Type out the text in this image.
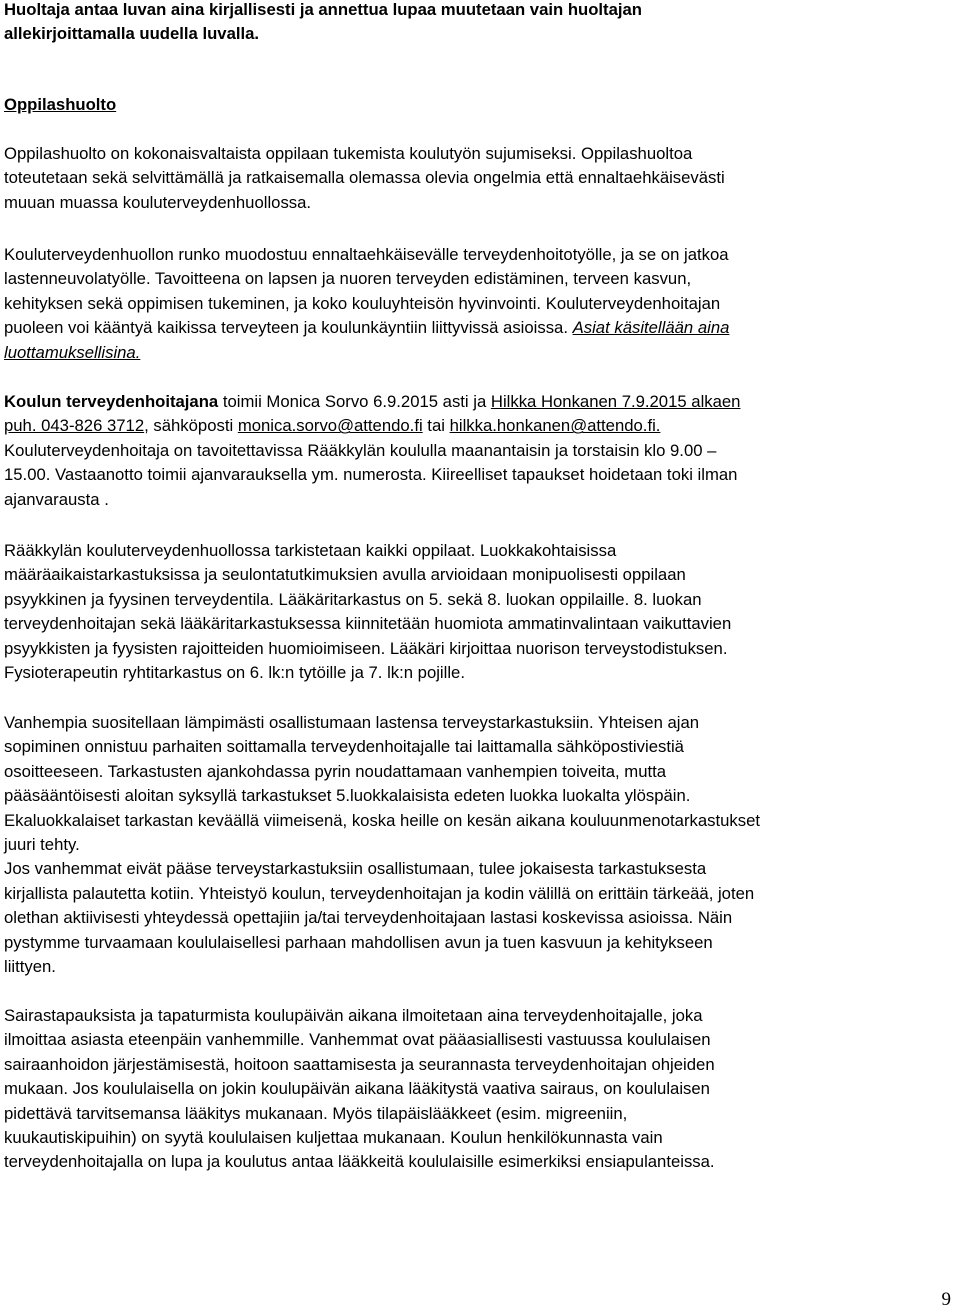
Huoltaja antaa luvan aina kirjallisesti ja annettua lupaa muutetaan vain huoltajan
allekirjoittamalla uudella luvalla.

Oppilashuolto

Oppilashuolto on kokonaisvaltaista oppilaan tukemista koulutyön sujumiseksi. Oppilashuoltoa
toteutetaan sekä selvittämällä ja ratkaisemalla olemassa olevia ongelmia että ennaltaehkäisevästi
muuan muassa kouluterveydenhuollossa.

Kouluterveydenhuollon runko muodostuu ennaltaehkäisevälle terveydenhoitotyölle, ja se on jatkoa
lastenneuvolatyölle. Tavoitteena on lapsen ja nuoren terveyden edistäminen, terveen kasvun,
kehityksen sekä oppimisen tukeminen, ja koko kouluyhteisön hyvinvointi. Kouluterveydenhoitajan
puoleen voi kääntyä kaikissa terveyteen ja koulunkäyntiin liittyvissä asioissa. Asiat käsitellään aina
luottamuksellisina.

Koulun terveydenhoitajana toimii Monica Sorvo 6.9.2015 asti ja Hilkka Honkanen 7.9.2015 alkaen
puh. 043-826 3712, sähköposti monica.sorvo@attendo.fi tai hilkka.honkanen@attendo.fi.
Kouluterveydenhoitaja on tavoitettavissa Rääkkylän koululla maanantaisin ja torstaisin klo 9.00 –
15.00. Vastaanotto toimii ajanvarauksella ym. numerosta. Kiireelliset tapaukset hoidetaan toki ilman
ajanvarausta .

Rääkkylän kouluterveydenhuollossa tarkistetaan kaikki oppilaat. Luokkakohtaisissa
määräaikaistarkastuksissa ja seulontatutkimuksien avulla arvioidaan monipuolisesti oppilaan
psyykkinen ja fyysinen terveydentila. Lääkäritarkastus on 5. sekä 8. luokan oppilaille. 8. luokan
terveydenhoitajan sekä lääkäritarkastuksessa kiinnitetään huomiota ammatinvalintaan vaikuttavien
psyykkisten ja fyysisten rajoitteiden huomioimiseen. Lääkäri kirjoittaa nuorison terveystodistuksen.
Fysioterapeutin ryhtitarkastus on 6. lk:n tytöille ja 7. lk:n pojille.

Vanhempia suositellaan lämpimästi osallistumaan lastensa terveystarkastuksiin. Yhteisen ajan
sopiminen onnistuu parhaiten soittamalla terveydenhoitajalle tai laittamalla sähköpostiviestiä
osoitteeseen. Tarkastusten ajankohdassa pyrin noudattamaan vanhempien toiveita, mutta
pääsääntöisesti aloitan syksyllä tarkastukset 5.luokkalaisista edeten luokka luokalta ylöspäin.
Ekaluokkalaiset tarkastan keväällä viimeisenä, koska heille on kesän aikana kouluunmenotarkastukset
juuri tehty.
Jos vanhemmat eivät pääse terveystarkastuksiin osallistumaan, tulee jokaisesta tarkastuksesta
kirjallista palautetta kotiin. Yhteistyö koulun, terveydenhoitajan ja kodin välillä on erittäin tärkeää, joten
olethan aktiivisesti yhteydessä opettajiin ja/tai terveydenhoitajaan lastasi koskevissa asioissa. Näin
pystymme turvaamaan koululaisellesi parhaan mahdollisen avun ja tuen kasvuun ja kehitykseen
liittyen.

Sairastapauksista ja tapaturmista koulupäivän aikana ilmoitetaan aina terveydenhoitajalle, joka
ilmoittaa asiasta eteenpäin vanhemmille. Vanhemmat ovat pääasiallisesti vastuussa koululaisen
sairaanhoidon järjestämisestä, hoitoon saattamisesta ja seurannasta terveydenhoitajan ohjeiden
mukaan. Jos koululaisella on jokin koulupäivän aikana lääkitystä vaativa sairaus, on koululaisen
pidettävä tarvitsemansa lääkitys mukanaan. Myös tilapäislääkkeet (esim. migreeniin,
kuukautiskipuihin) on syytä koululaisen kuljettaa mukanaan. Koulun henkilökunnasta vain
terveydenhoitajalla on lupa ja koulutus antaa lääkkeitä koululaisille esimerkiksi ensiapulanteissa.

9
